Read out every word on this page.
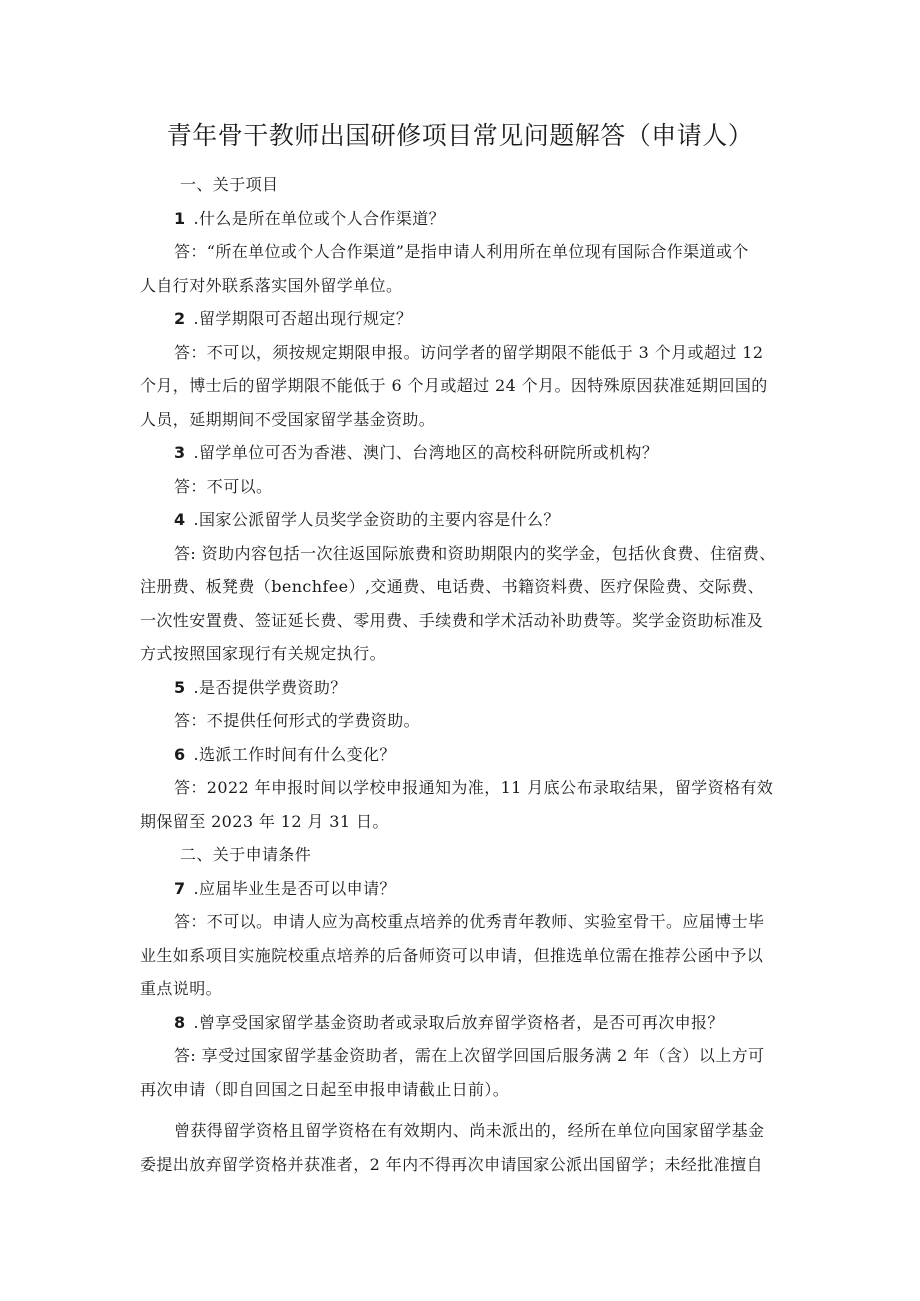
青年骨干教师出国研修项目常见问题解答（申请人）
一、关于项目
1 .什么是所在单位或个人合作渠道？
答：“所在单位或个人合作渠道”是指申请人利用所在单位现有国际合作渠道或个
人自行对外联系落实国外留学单位。
2 .留学期限可否超出现行规定？
答：不可以，须按规定期限申报。访问学者的留学期限不能低于 3 个月或超过 12
个月，博士后的留学期限不能低于 6 个月或超过 24 个月。因特殊原因获准延期回国的
人员，延期期间不受国家留学基金资助。
3 .留学单位可否为香港、澳门、台湾地区的高校科研院所或机构？
答：不可以。
4 .国家公派留学人员奖学金资助的主要内容是什么？
答: 资助内容包括一次往返国际旅费和资助期限内的奖学金，包括伙食费、住宿费、
注册费、板凳费（benchfee）,交通费、电话费、书籍资料费、医疗保险费、交际费、
一次性安置费、签证延长费、零用费、手续费和学术活动补助费等。奖学金资助标准及
方式按照国家现行有关规定执行。
5 .是否提供学费资助？
答：不提供任何形式的学费资助。
6 .选派工作时间有什么变化？
答：2022 年申报时间以学校申报通知为准，11 月底公布录取结果，留学资格有效
期保留至 2023 年 12 月 31 日。
二、关于申请条件
7 .应届毕业生是否可以申请？
答：不可以。申请人应为高校重点培养的优秀青年教师、实验室骨干。应届博士毕
业生如系项目实施院校重点培养的后备师资可以申请，但推选单位需在推荐公函中予以
重点说明。
8 .曾享受国家留学基金资助者或录取后放弃留学资格者，是否可再次申报？
答: 享受过国家留学基金资助者，需在上次留学回国后服务满 2 年（含）以上方可
再次申请（即自回国之日起至申报申请截止日前）。
曾获得留学资格且留学资格在有效期内、尚未派出的，经所在单位向国家留学基金
委提出放弃留学资格并获准者，2 年内不得再次申请国家公派出国留学；未经批准擅自
